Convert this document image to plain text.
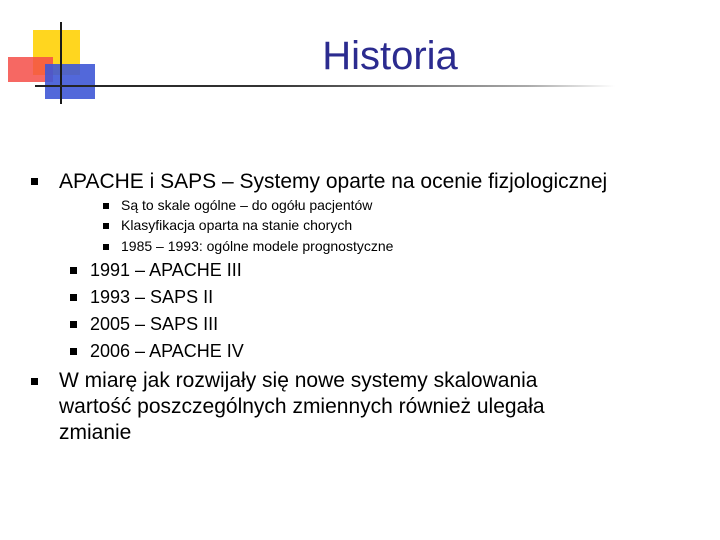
Historia
APACHE i SAPS – Systemy oparte na ocenie fizjologicznej
Są to skale ogólne – do ogółu pacjentów
Klasyfikacja oparta na stanie chorych
1985 – 1993: ogólne modele prognostyczne
1991 – APACHE III
1993 – SAPS II
2005 – SAPS III
2006 – APACHE IV
W miarę jak rozwijały się nowe systemy skalowania
wartość poszczególnych zmiennych również ulegała
zmianie
